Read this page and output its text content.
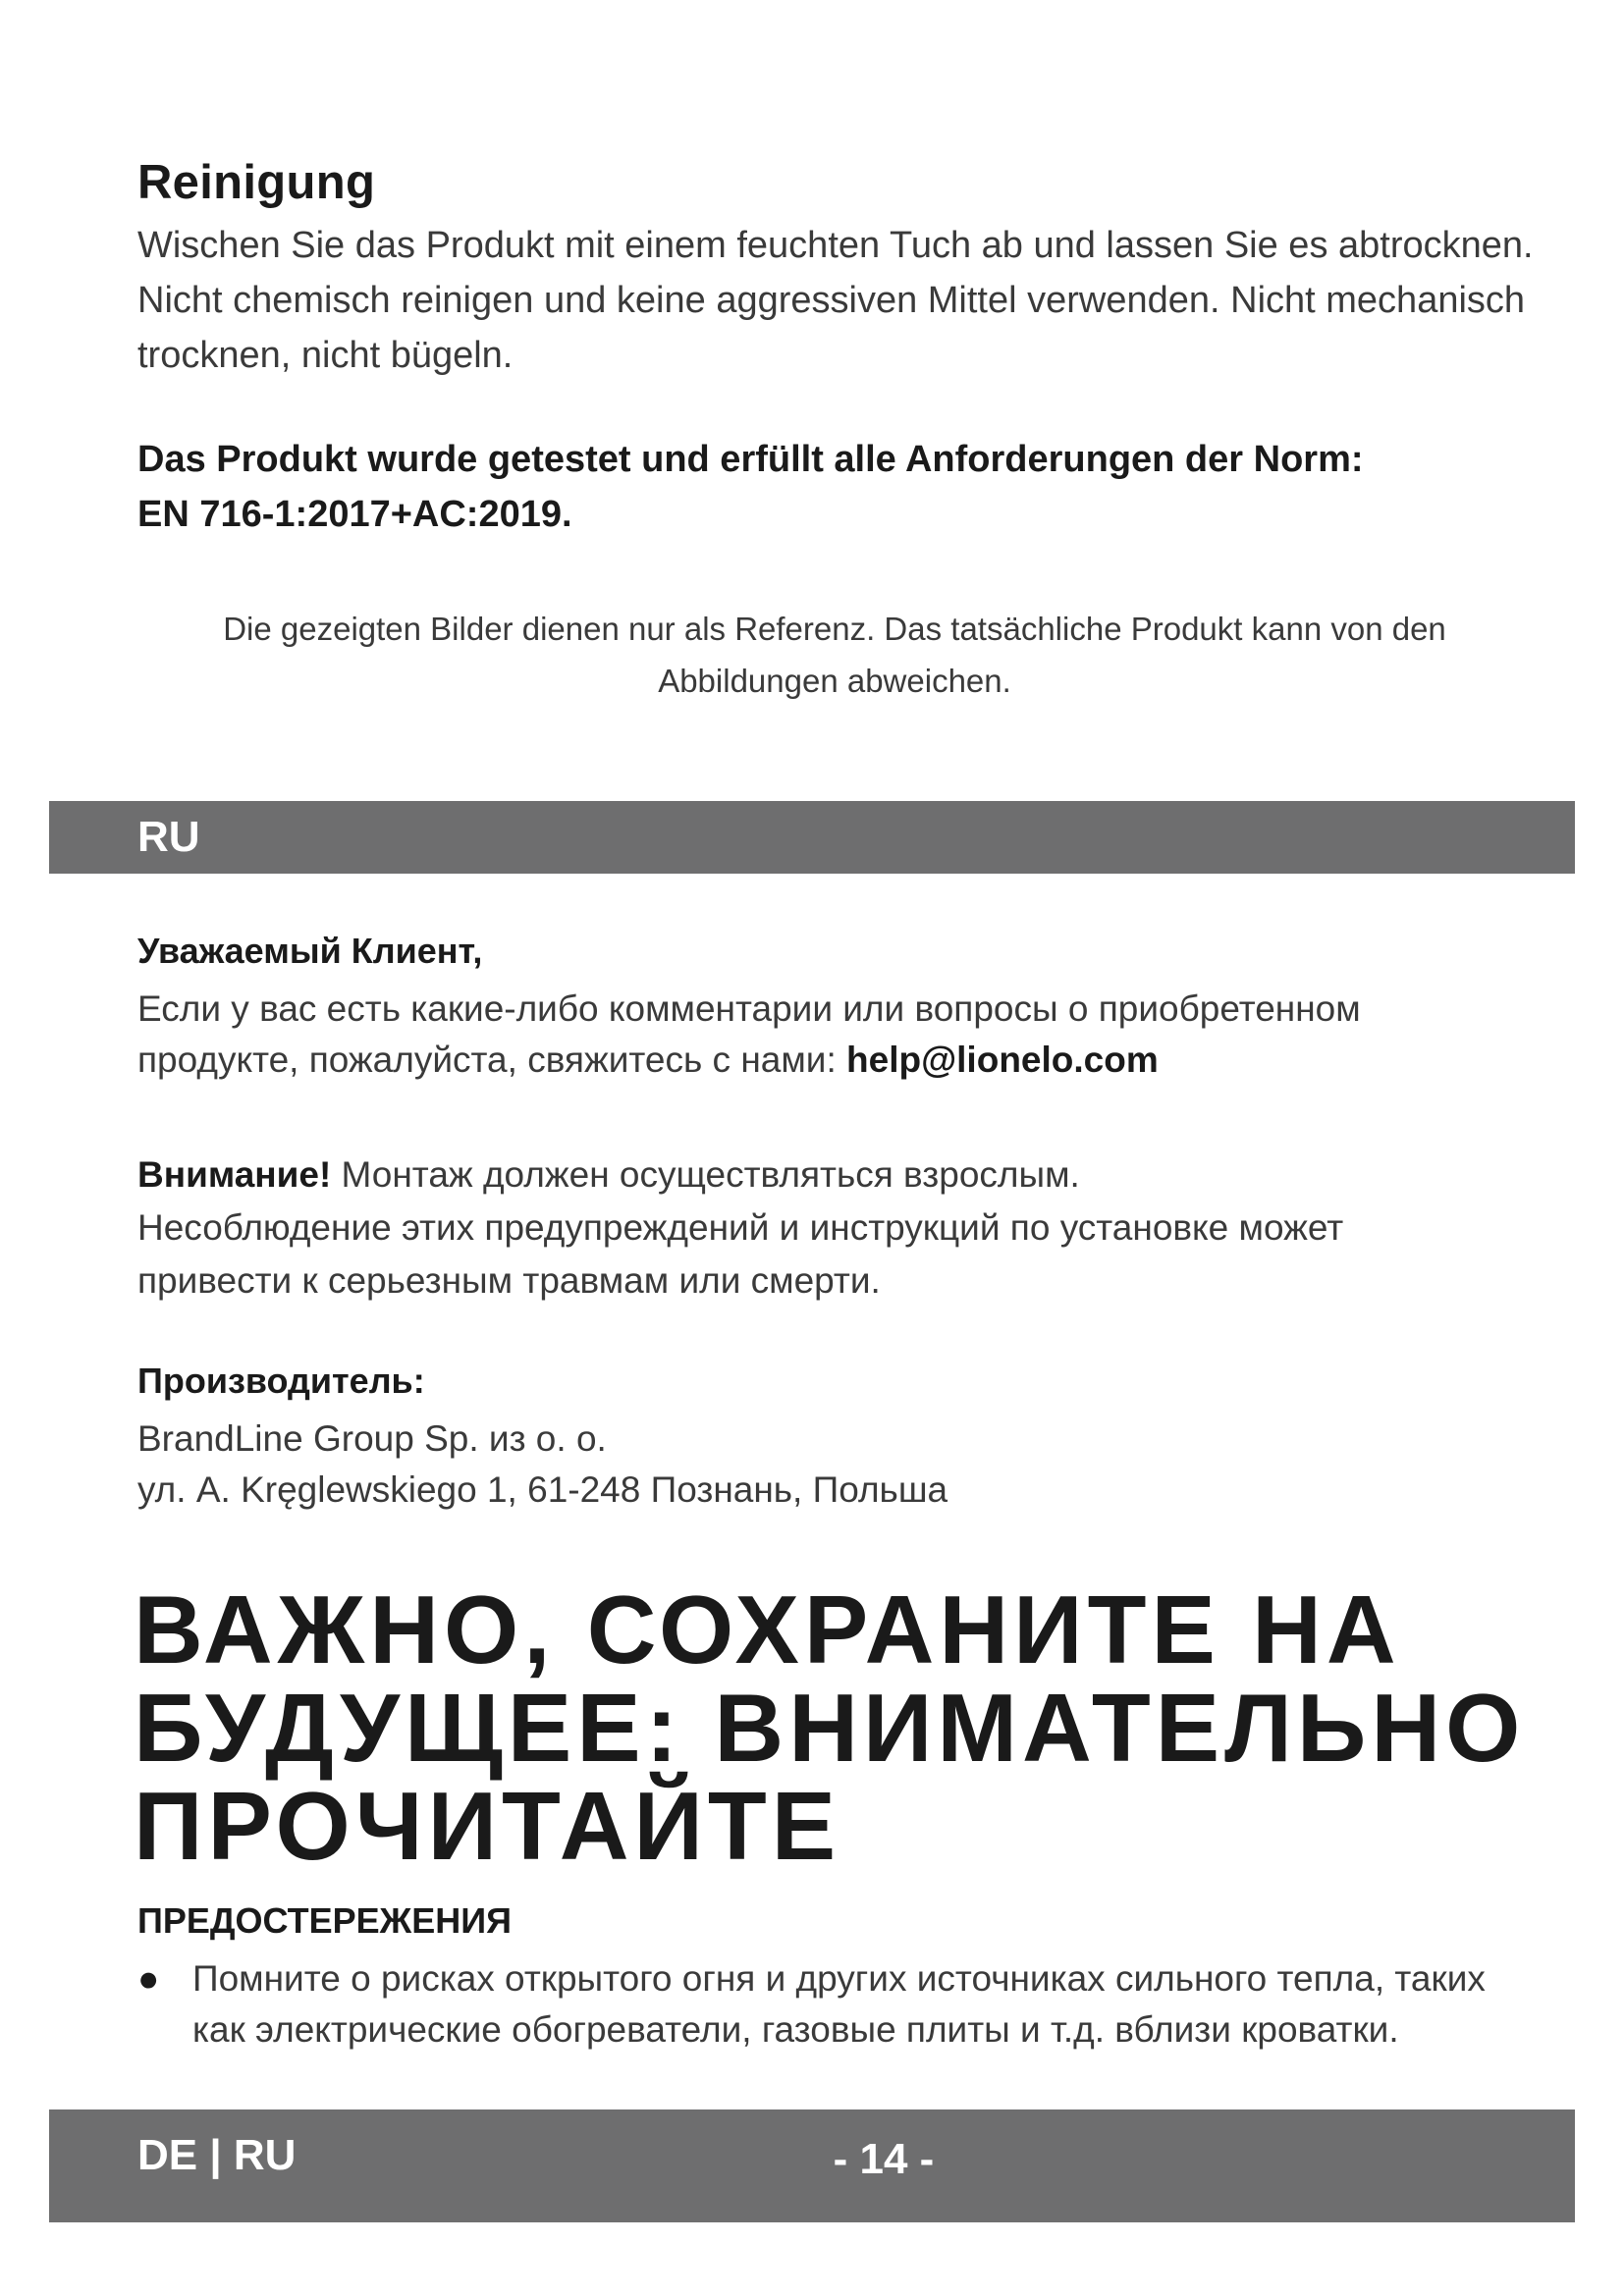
Reinigung
Wischen Sie das Produkt mit einem feuchten Tuch ab und lassen Sie es abtrocknen.
Nicht chemisch reinigen und keine aggressiven Mittel verwenden. Nicht mechanisch
trocknen, nicht bügeln.
Das Produkt wurde getestet und erfüllt alle Anforderungen der Norm:
EN 716-1:2017+AC:2019.
Die gezeigten Bilder dienen nur als Referenz. Das tatsächliche Produkt kann von den
Abbildungen abweichen.
RU
Уважаемый Клиент,
Если у вас есть какие-либо комментарии или вопросы о приобретенном
продукте, пожалуйста, свяжитесь с нами: help@lionelo.com
Внимание! Монтаж должен осуществляться взрослым.
Несоблюдение этих предупреждений и инструкций по установке может
привести к серьезным травмам или смерти.
Производитель:
BrandLine Group Sp. из о. о.
ул. A. Kręglewskiego 1, 61-248 Познань, Польша
ВАЖНО, СОХРАНИТЕ НА
БУДУЩЕЕ: ВНИМАТЕЛЬНО
ПРОЧИТАЙТЕ
ПРЕДОСТЕРЕЖЕНИЯ
● Помните о рисках открытого огня и других источниках сильного тепла, таких
как электрические обогреватели, газовые плиты и т.д. вблизи кроватки.
DE | RU	- 14 -
